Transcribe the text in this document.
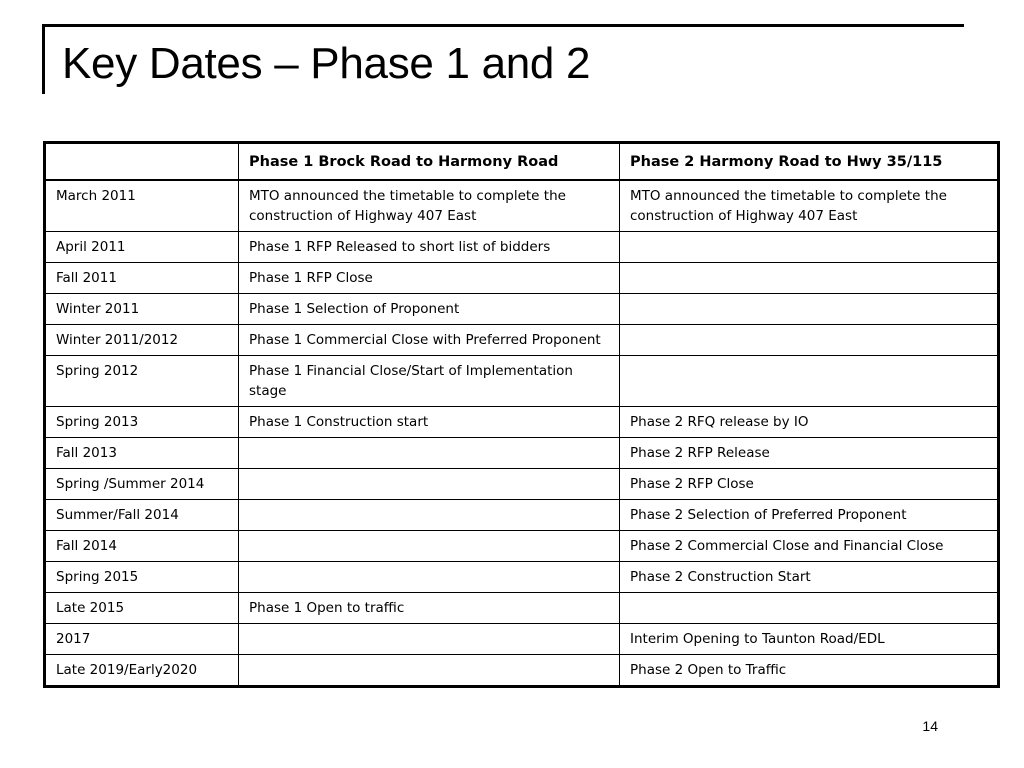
Key Dates – Phase 1 and 2
	Phase 1 Brock Road to Harmony Road	Phase 2 Harmony Road to Hwy 35/115
March 2011	MTO announced the timetable to complete the construction of Highway 407 East	MTO announced the timetable to complete the construction of Highway 407 East
April 2011	Phase 1 RFP Released to short list of bidders	
Fall 2011	Phase 1 RFP Close	
Winter 2011	Phase 1 Selection of Proponent	
Winter 2011/2012	Phase 1 Commercial Close with Preferred Proponent	
Spring 2012	Phase 1 Financial Close/Start of Implementation stage	
Spring 2013	Phase 1 Construction start	Phase 2 RFQ release by IO
Fall 2013		Phase 2 RFP Release
Spring /Summer 2014		Phase 2 RFP Close
Summer/Fall 2014		Phase 2 Selection of Preferred Proponent
Fall 2014		Phase 2 Commercial Close and Financial Close
Spring 2015		Phase 2 Construction Start
Late 2015	Phase 1 Open to traffic	
2017		Interim Opening to Taunton Road/EDL
Late 2019/Early2020		Phase 2 Open to Traffic
14
